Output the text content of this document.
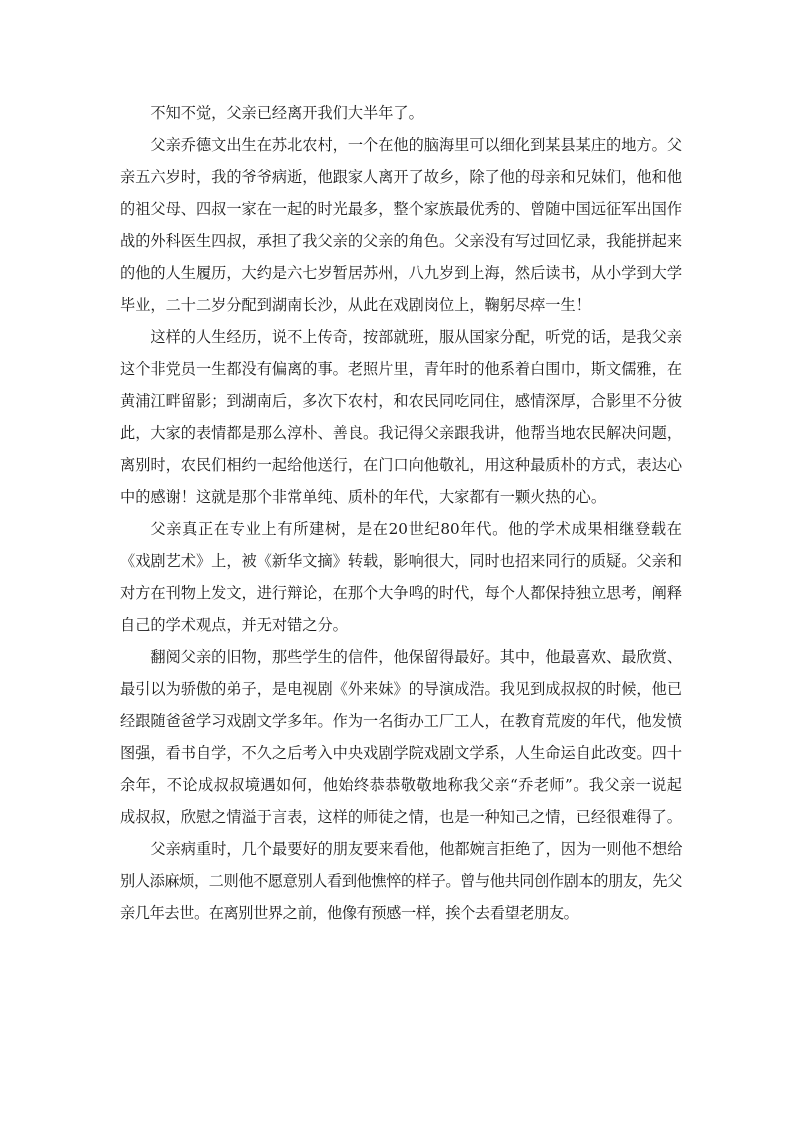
不知不觉，父亲已经离开我们大半年了。

父亲乔德文出生在苏北农村，一个在他的脑海里可以细化到某县某庄的地方。父亲五六岁时，我的爷爷病逝，他跟家人离开了故乡，除了他的母亲和兄妹们，他和他的祖父母、四叔一家在一起的时光最多，整个家族最优秀的、曾随中国远征军出国作战的外科医生四叔，承担了我父亲的父亲的角色。父亲没有写过回忆录，我能拼起来的他的人生履历，大约是六七岁暂居苏州，八九岁到上海，然后读书，从小学到大学毕业，二十二岁分配到湖南长沙，从此在戏剧岗位上，鞠躬尽瘁一生！

这样的人生经历，说不上传奇，按部就班，服从国家分配，听党的话，是我父亲这个非党员一生都没有偏离的事。老照片里，青年时的他系着白围巾，斯文儒雅，在黄浦江畔留影；到湖南后，多次下农村，和农民同吃同住，感情深厚，合影里不分彼此，大家的表情都是那么淳朴、善良。我记得父亲跟我讲，他帮当地农民解决问题，离别时，农民们相约一起给他送行，在门口向他敬礼，用这种最质朴的方式，表达心中的感谢！这就是那个非常单纯、质朴的年代，大家都有一颗火热的心。

父亲真正在专业上有所建树，是在20世纪80年代。他的学术成果相继登载在《戏剧艺术》上，被《新华文摘》转载，影响很大，同时也招来同行的质疑。父亲和对方在刊物上发文，进行辩论，在那个大争鸣的时代，每个人都保持独立思考，阐释自己的学术观点，并无对错之分。

翻阅父亲的旧物，那些学生的信件，他保留得最好。其中，他最喜欢、最欣赏、最引以为骄傲的弟子，是电视剧《外来妹》的导演成浩。我见到成叔叔的时候，他已经跟随爸爸学习戏剧文学多年。作为一名街办工厂工人，在教育荒废的年代，他发愤图强，看书自学，不久之后考入中央戏剧学院戏剧文学系，人生命运自此改变。四十余年，不论成叔叔境遇如何，他始终恭恭敬敬地称我父亲“乔老师”。我父亲一说起成叔叔，欣慰之情溢于言表，这样的师徒之情，也是一种知己之情，已经很难得了。

父亲病重时，几个最要好的朋友要来看他，他都婉言拒绝了，因为一则他不想给别人添麻烦，二则他不愿意别人看到他憔悴的样子。曾与他共同创作剧本的朋友，先父亲几年去世。在离别世界之前，他像有预感一样，挨个去看望老朋友。
